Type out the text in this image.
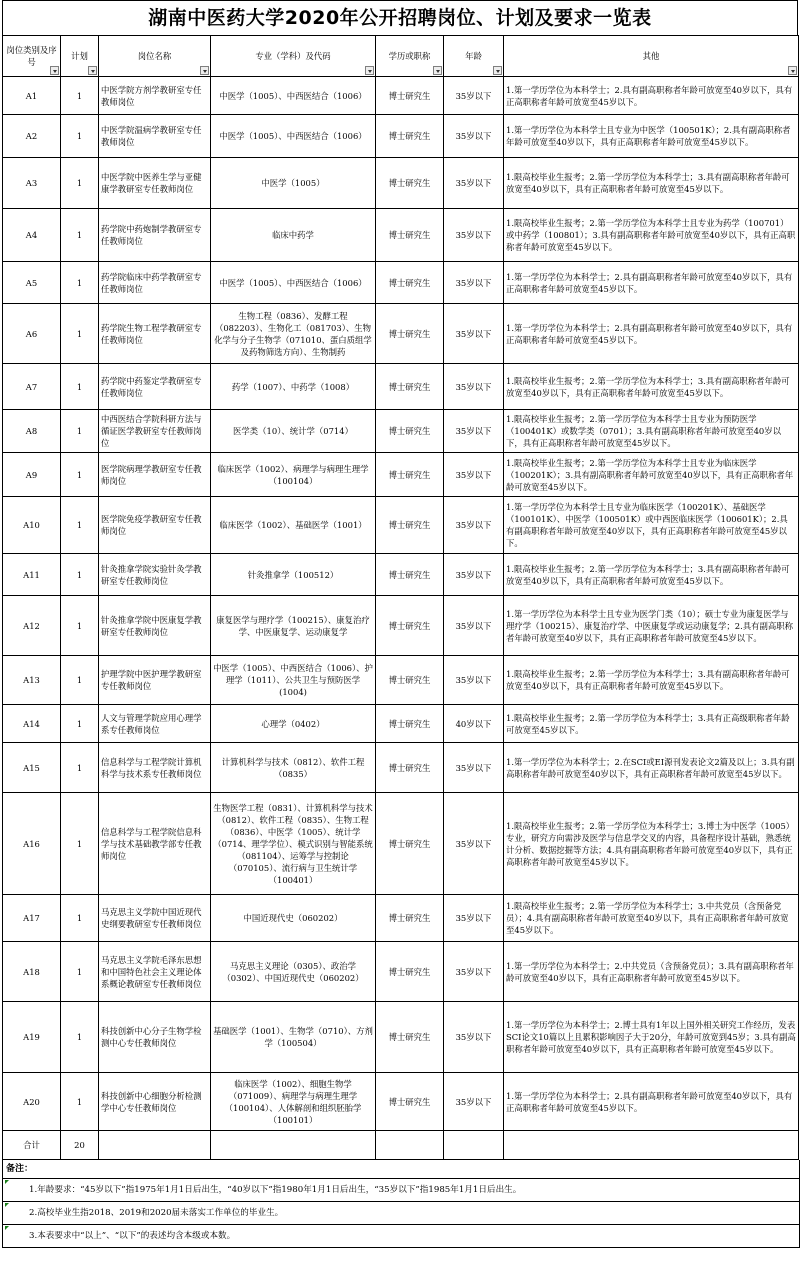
湖南中医药大学2020年公开招聘岗位、计划及要求一览表
岗位类别及序号	计划	岗位名称	专业（学科）及代码	学历或职称	年龄	其他

A1	1	中医学院方剂学教研室专任教师岗位	中医学（1005）、中西医结合（1006）	博士研究生	35岁以下	1.第一学历学位为本科学士；2.具有副高职称者年龄可放宽至40岁以下，具有正高职称者年龄可放宽至45岁以下。
A2	1	中医学院温病学教研室专任教师岗位	中医学（1005）、中西医结合（1006）	博士研究生	35岁以下	1.第一学历学位为本科学士且专业为中医学（100501K）；2.具有副高职称者年龄可放宽至40岁以下，具有正高职称者年龄可放宽至45岁以下。
A3	1	中医学院中医养生学与亚健康学教研室专任教师岗位	中医学（1005）	博士研究生	35岁以下	1.限高校毕业生报考；2.第一学历学位为本科学士；3.具有副高职称者年龄可放宽至40岁以下，具有正高职称者年龄可放宽至45岁以下。
A4	1	药学院中药炮制学教研室专任教师岗位	临床中药学	博士研究生	35岁以下	1.限高校毕业生报考；2.第一学历学位为本科学士且专业为药学（100701）或中药学（100801）；3.具有副高职称者年龄可放宽至40岁以下，具有正高职称者年龄可放宽至45岁以下。
A5	1	药学院临床中药学教研室专任教师岗位	中医学（1005）、中西医结合（1006）	博士研究生	35岁以下	1.第一学历学位为本科学士；2.具有副高职称者年龄可放宽至40岁以下，具有正高职称者年龄可放宽至45岁以下。
A6	1	药学院生物工程学教研室专任教师岗位	生物工程（0836）、发酵工程（082203）、生物化工（081703）、生物化学与分子生物学（071010、蛋白质组学及药物筛选方向）、生物制药	博士研究生	35岁以下	1.第一学历学位为本科学士；2.具有副高职称者年龄可放宽至40岁以下，具有正高职称者年龄可放宽至45岁以下。
A7	1	药学院中药鉴定学教研室专任教师岗位	药学（1007）、中药学（1008）	博士研究生	35岁以下	1.限高校毕业生报考；2.第一学历学位为本科学士；3.具有副高职称者年龄可放宽至40岁以下，具有正高职称者年龄可放宽至45岁以下。
A8	1	中西医结合学院科研方法与循证医学教研室专任教师岗位	医学类（10）、统计学（0714）	博士研究生	35岁以下	1.限高校毕业生报考；2.第一学历学位为本科学士且专业为预防医学（100401K）或数学类（0701）；3.具有副高职称者年龄可放宽至40岁以下，具有正高职称者年龄可放宽至45岁以下。
A9	1	医学院病理学教研室专任教师岗位	临床医学（1002）、病理学与病理生理学（100104）	博士研究生	35岁以下	1.限高校毕业生报考；2.第一学历学位为本科学士且专业为临床医学（100201K）；3.具有副高职称者年龄可放宽至40岁以下，具有正高职称者年龄可放宽至45岁以下。
A10	1	医学院免疫学教研室专任教师岗位	临床医学（1002）、基础医学（1001）	博士研究生	35岁以下	1.第一学历学位为本科学士且专业为临床医学（100201K）、基础医学（100101K）、中医学（100501K）或中西医临床医学（100601K）；2.具有副高职称者年龄可放宽至40岁以下，具有正高职称者年龄可放宽至45岁以下。
A11	1	针灸推拿学院实验针灸学教研室专任教师岗位	针灸推拿学（100512）	博士研究生	35岁以下	1.限高校毕业生报考；2.第一学历学位为本科学士；3.具有副高职称者年龄可放宽至40岁以下，具有正高职称者年龄可放宽至45岁以下。
A12	1	针灸推拿学院中医康复学教研室专任教师岗位	康复医学与理疗学（100215）、康复治疗学、中医康复学、运动康复学	博士研究生	35岁以下	1.第一学历学位为本科学士且专业为医学门类（10）；硕士专业为康复医学与理疗学（100215）、康复治疗学、中医康复学或运动康复学；2.具有副高职称者年龄可放宽至40岁以下，具有正高职称者年龄可放宽至45岁以下。
A13	1	护理学院中医护理学教研室专任教师岗位	中医学（1005）、中西医结合（1006）、护理学（1011）、公共卫生与预防医学(1004)	博士研究生	35岁以下	1.限高校毕业生报考；2.第一学历学位为本科学士；3.具有副高职称者年龄可放宽至40岁以下，具有正高职称者年龄可放宽至45岁以下。
A14	1	人文与管理学院应用心理学系专任教师岗位	心理学（0402）	博士研究生	40岁以下	1.限高校毕业生报考；2.第一学历学位为本科学士；3.具有正高级职称者年龄可放宽至45岁以下。
A15	1	信息科学与工程学院计算机科学与技术系专任教师岗位	计算机科学与技术（0812）、软件工程（0835）	博士研究生	35岁以下	1.第一学历学位为本科学士；2.在SCI或EI源刊发表论文2篇及以上；3.具有副高职称者年龄可放宽至40岁以下，具有正高职称者年龄可放宽至45岁以下。
A16	1	信息科学与工程学院信息科学与技术基础教学部专任教师岗位	生物医学工程（0831）、计算机科学与技术（0812）、软件工程（0835）、生物工程（0836）、中医学（1005）、统计学（0714、理学学位）、模式识别与智能系统（081104）、运筹学与控制论（070105）、流行病与卫生统计学（100401）	博士研究生	35岁以下	1.限高校毕业生报考；2.第一学历学位为本科学士；3.博士为中医学（1005）专业，研究方向需涉及医学与信息学交叉的内容，具备程序设计基础，熟悉统计分析、数据挖掘等方法；4.具有副高职称者年龄可放宽至40岁以下，具有正高职称者年龄可放宽至45岁以下。
A17	1	马克思主义学院中国近现代史纲要教研室专任教师岗位	中国近现代史（060202）	博士研究生	35岁以下	1.限高校毕业生报考；2.第一学历学位为本科学士；3.中共党员（含预备党员）；4.具有副高职称者年龄可放宽至40岁以下，具有正高职称者年龄可放宽至45岁以下。
A18	1	马克思主义学院毛泽东思想和中国特色社会主义理论体系概论教研室专任教师岗位	马克思主义理论（0305）、政治学（0302）、中国近现代史（060202）	博士研究生	35岁以下	1.第一学历学位为本科学士；2.中共党员（含预备党员）；3.具有副高职称者年龄可放宽至40岁以下，具有正高职称者年龄可放宽至45岁以下。
A19	1	科技创新中心分子生物学检测中心专任教师岗位	基础医学（1001）、生物学（0710）、方剂学（100504）	博士研究生	35岁以下	1.第一学历学位为本科学士；2.博士具有1年以上国外相关研究工作经历，发表SCI论文10篇以上且累积影响因子大于20分，年龄可放宽到45岁；3.具有副高职称者年龄可放宽至40岁以下，具有正高职称者年龄可放宽至45岁以下。
A20	1	科技创新中心细胞分析检测学中心专任教师岗位	临床医学（1002）、细胞生物学（071009）、病理学与病理生理学（100104）、人体解剖和组织胚胎学（100101）	博士研究生	35岁以下	1.第一学历学位为本科学士；2.具有副高职称者年龄可放宽至40岁以下，具有正高职称者年龄可放宽至45岁以下。
合计	20					
备注：
1.年龄要求：“45岁以下”指1975年1月1日后出生，“40岁以下”指1980年1月1日后出生，“35岁以下”指1985年1月1日后出生。
2.高校毕业生指2018、2019和2020届未落实工作单位的毕业生。
3.本表要求中“以上”、“以下”的表述均含本级或本数。
